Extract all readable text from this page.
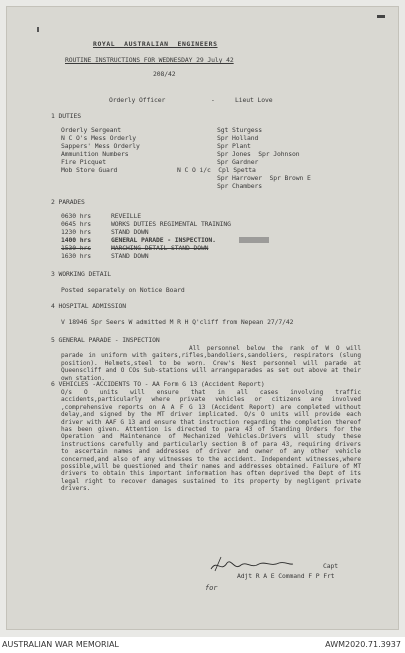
ROYAL  AUSTRALIAN  ENGINEERS
ROUTINE INSTRUCTIONS FOR WEDNESDAY 29 July 42
208/42
Orderly Officer	-	Lieut Love
1 DUTIES
Orderly Sergeant	Sgt Sturgess
N C O's Mess Orderly	Spr Holland
Sappers' Mess Orderly	Spr Plant
Ammunition Numbers	Spr Jones  Spr Johnson
Fire Picquet	Spr Gardner
Mob Store Guard	N C O i/c  Cpl Spetta
Spr Harrower  Spr Brown E
Spr Chambers
2 PARADES
0630 hrs	REVEILLE
0645 hrs	WORKS DUTIES REGIMENTAL TRAINING
1230 hrs	STAND DOWN
1400 hrs	GENERAL PARADE - INSPECTION.
1530 hrs	MARCHING DETAIL STAND DOWN
1630 hrs	STAND DOWN
3 WORKING DETAIL
Posted separately on Notice Board
4 HOSPITAL ADMISSION
V 18946 Spr Seers W admitted M R H Q'cliff from Nepean 27/7/42
5 GENERAL PARADE - INSPECTION
All personnel below the rank of W O will parade in uniform with gaiters,rifles,bandoliers,sandoliers, respirators (slung position). Helmets,steel to be worn. Crew's Nest personnel will parade at Queenscliff and O COs Sub-stations will arrangeparades as set out above at their own station.
6 VEHICLES -ACCIDENTS TO - AA Form G 13 (Accident Report)
O/s O units will ensure that in all cases involving traffic accidents,particularly where private vehicles or citizens are involved ,comprehensive reports on A A F G 13 (Accident Report) are completed without delay,and signed by the MT driver implicated. O/s O units will provide each driver with AAF G 13 and ensure that instruction regarding the completion thereof has been given. Attention is directed to para 43 of Standing Orders for the Operation and Maintenance of Mechanized Vehicles.Drivers will study these instructions carefully and particularly section B of para 43, requiring drivers to ascertain names and addresses of driver and owner of any other vehicle concerned,and also of any witnesses to the accident. Independent witnesses,where possible,will be questioned and their names and addresses obtained. Failure of MT drivers to obtain this important information has often deprived the Dept of its legal right to recover damages sustained to its property by negligent private drivers.
Capt
Adjt R A E Command F P Frt
for
AUSTRALIAN WAR MEMORIAL	AWM2020.71.3937
